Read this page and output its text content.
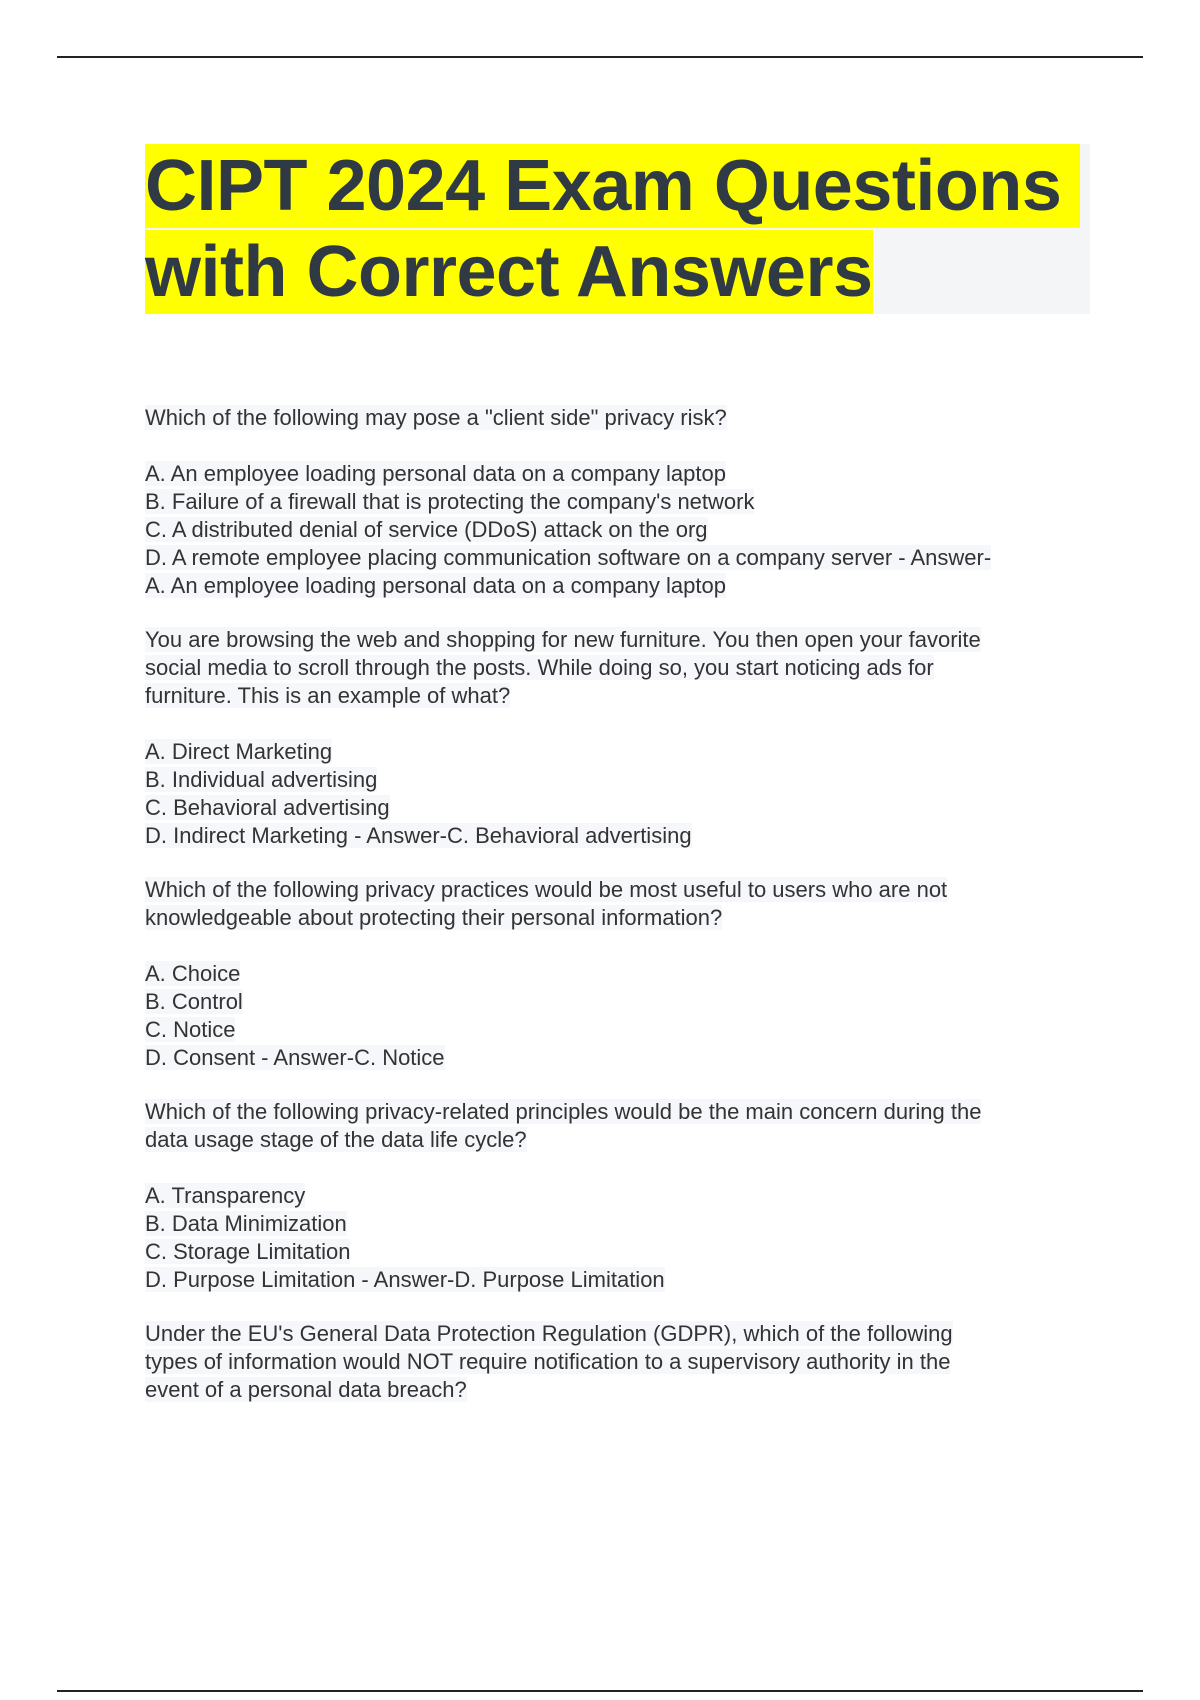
CIPT 2024 Exam Questions
with Correct Answers
Which of the following may pose a "client side" privacy risk?
A. An employee loading personal data on a company laptop
B. Failure of a firewall that is protecting the company's network
C. A distributed denial of service (DDoS) attack on the org
D. A remote employee placing communication software on a company server - Answer-
A. An employee loading personal data on a company laptop
You are browsing the web and shopping for new furniture. You then open your favorite
social media to scroll through the posts. While doing so, you start noticing ads for
furniture. This is an example of what?
A. Direct Marketing
B. Individual advertising
C. Behavioral advertising
D. Indirect Marketing - Answer-C. Behavioral advertising
Which of the following privacy practices would be most useful to users who are not
knowledgeable about protecting their personal information?
A. Choice
B. Control
C. Notice
D. Consent - Answer-C. Notice
Which of the following privacy-related principles would be the main concern during the
data usage stage of the data life cycle?
A. Transparency
B. Data Minimization
C. Storage Limitation
D. Purpose Limitation - Answer-D. Purpose Limitation
Under the EU's General Data Protection Regulation (GDPR), which of the following
types of information would NOT require notification to a supervisory authority in the
event of a personal data breach?
